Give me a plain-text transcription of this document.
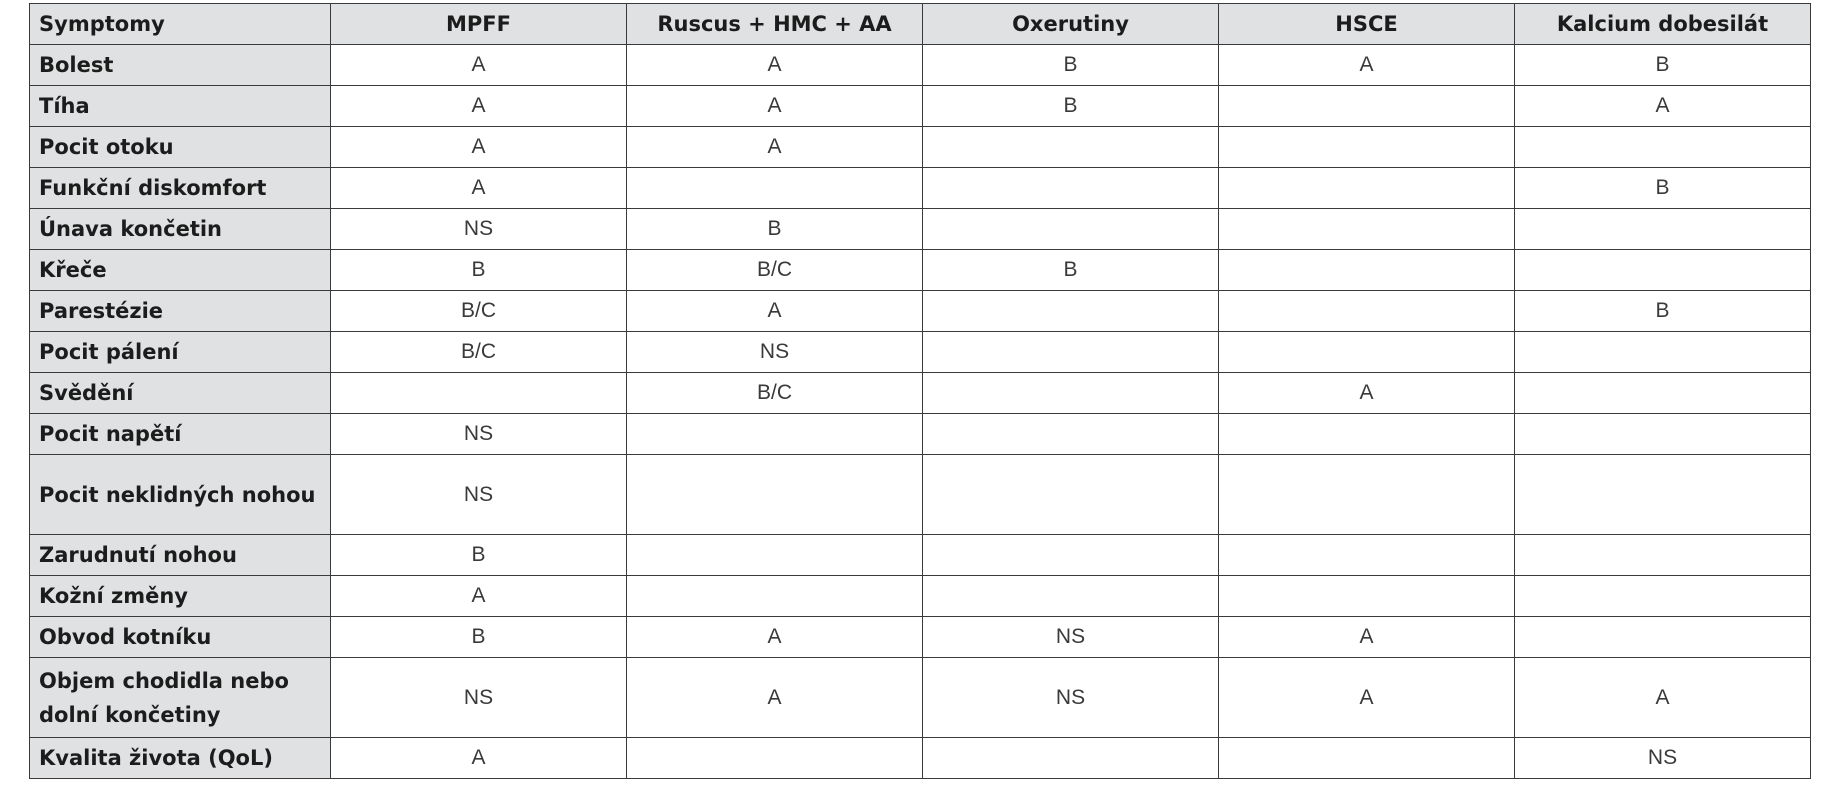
Symptomy	MPFF	Ruscus + HMC + AA	Oxerutiny	HSCE	Kalcium dobesilát
Bolest	A	A	B	A	B
Tíha	A	A	B		A
Pocit otoku	A	A			
Funkční diskomfort	A				B
Únava končetin	NS	B			
Křeče	B	B/C	B		
Parestézie	B/C	A			B
Pocit pálení	B/C	NS			
Svědění		B/C		A	
Pocit napětí	NS				
Pocit neklidných nohou	NS				
Zarudnutí nohou	B				
Kožní změny	A				
Obvod kotníku	B	A	NS	A	
Objem chodidla nebo dolní končetiny	NS	A	NS	A	A
Kvalita života (QoL)	A				NS
